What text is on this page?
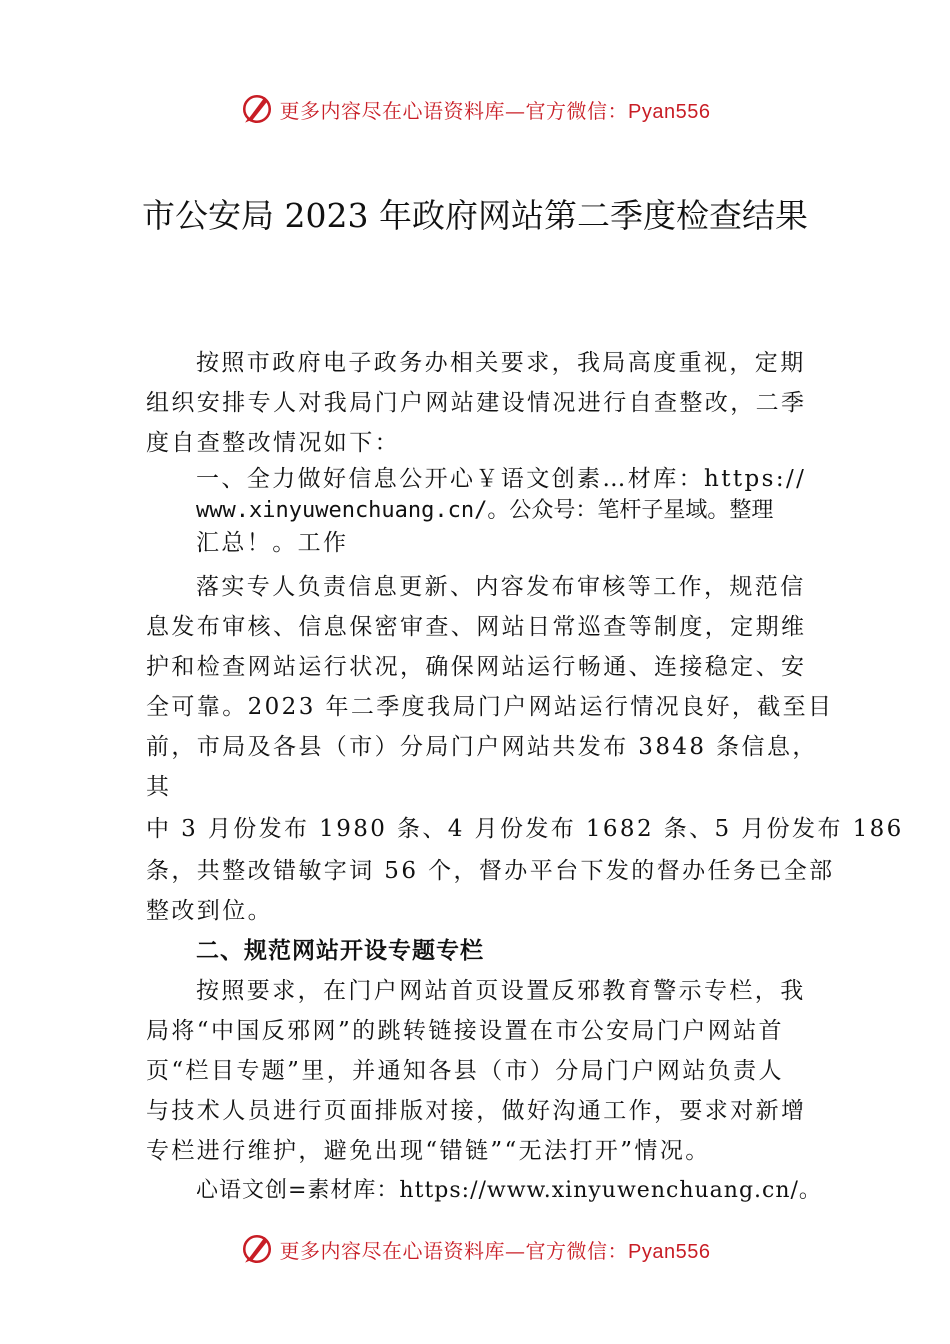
更多内容尽在心语资料库—官方微信：Pyan556
市公安局 2023 年政府网站第二季度检查结果
按照市政府电子政务办相关要求，我局高度重视，定期
组织安排专人对我局门户网站建设情况进行自查整改，二季
度自查整改情况如下：
一、全力做好信息公开心￥语文创素…材库：https://
www.xinyuwenchuang.cn/。公众号：笔杆子星域。整理
汇总！。工作
落实专人负责信息更新、内容发布审核等工作，规范信
息发布审核、信息保密审查、网站日常巡查等制度，定期维
护和检查网站运行状况，确保网站运行畅通、连接稳定、安
全可靠。2023 年二季度我局门户网站运行情况良好，截至目
前，市局及各县（市）分局门户网站共发布 3848 条信息，
其
中 3 月份发布 1980 条、4 月份发布 1682 条、5 月份发布 186
条，共整改错敏字词 56 个，督办平台下发的督办任务已全部
整改到位。
二、规范网站开设专题专栏
按照要求，在门户网站首页设置反邪教育警示专栏，我
局将“中国反邪网”的跳转链接设置在市公安局门户网站首
页“栏目专题”里，并通知各县（市）分局门户网站负责人
与技术人员进行页面排版对接，做好沟通工作，要求对新增
专栏进行维护，避免出现“错链”“无法打开”情况。
心语文创=素材库：https://www.xinyuwenchuang.cn/。
更多内容尽在心语资料库—官方微信：Pyan556
